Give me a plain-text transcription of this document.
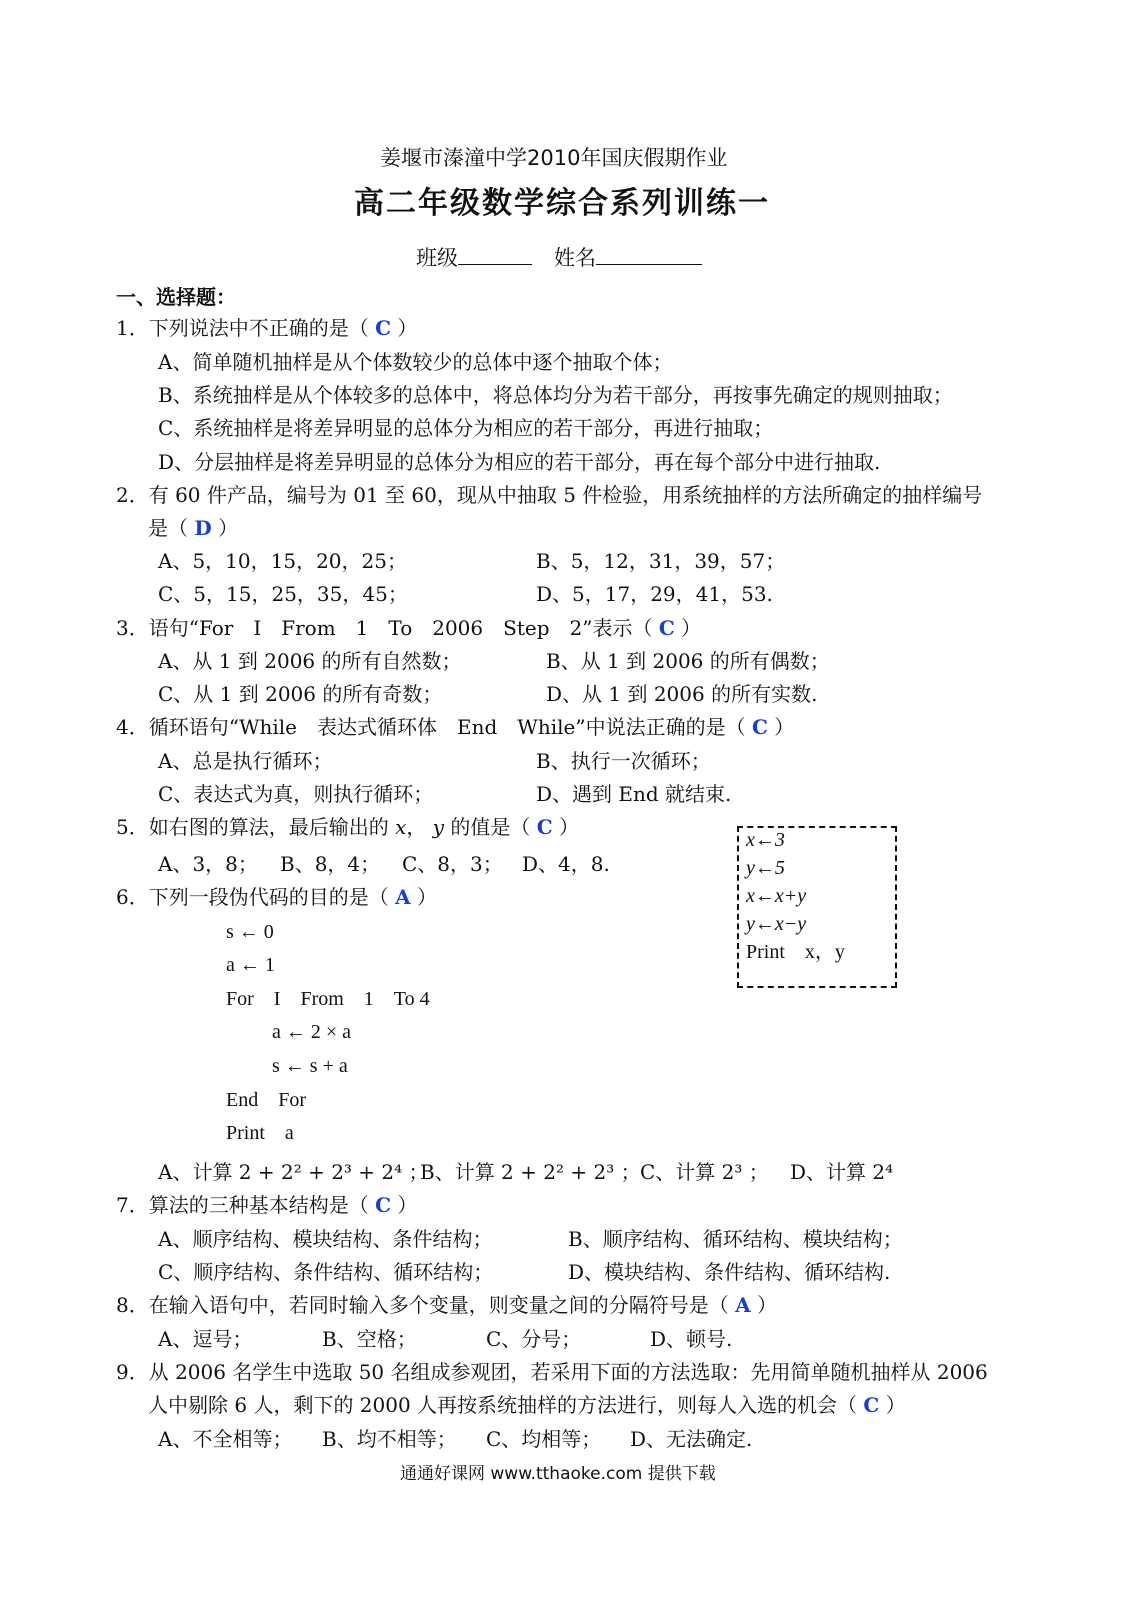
姜堰市溱潼中学2010年国庆假期作业
高二年级数学综合系列训练一
班级	姓名
一、选择题：
1．下列说法中不正确的是（ C ）
A、简单随机抽样是从个体数较少的总体中逐个抽取个体；
B、系统抽样是从个体较多的总体中，将总体均分为若干部分，再按事先确定的规则抽取；
C、系统抽样是将差异明显的总体分为相应的若干部分，再进行抽取；
D、分层抽样是将差异明显的总体分为相应的若干部分，再在每个部分中进行抽取.
2．有 60 件产品，编号为 01 至 60，现从中抽取 5 件检验，用系统抽样的方法所确定的抽样编号
是（ D ）
A、5，10，15，20，25；	B、5，12，31，39，57；
C、5，15，25，35，45；	D、5，17，29，41，53.
3．语句“For　I　From　1　To　2006　Step　2”表示（ C ）
A、从 1 到 2006 的所有自然数；	B、从 1 到 2006 的所有偶数；
C、从 1 到 2006 的所有奇数；	D、从 1 到 2006 的所有实数.
4．循环语句“While　表达式循环体　End　While”中说法正确的是（ C ）
A、总是执行循环；	B、执行一次循环；
C、表达式为真，则执行循环；	D、遇到 End 就结束.
5．如右图的算法，最后输出的 x， y 的值是（ C ）
A、3，8； B、8，4； C、8，3； D、4，8.
x←3
y←5
x←x+y
y←x−y
Print　x，y
6．下列一段伪代码的目的是（ A ）
s ← 0
a ← 1
For　I　From　1　To 4
a ← 2 × a
s ← s + a
End　For
Print　a
A、计算 2 + 2² + 2³ + 2⁴ ；
B、计算 2 + 2² + 2³ ； C、计算 2³ ； D、计算 2⁴
7．算法的三种基本结构是（ C ）
A、顺序结构、模块结构、条件结构；	B、顺序结构、循环结构、模块结构；
C、顺序结构、条件结构、循环结构；	D、模块结构、条件结构、循环结构.
8．在输入语句中，若同时输入多个变量，则变量之间的分隔符号是（ A ）
A、逗号；	B、空格；	C、分号；	D、顿号.
9．从 2006 名学生中选取 50 名组成参观团，若采用下面的方法选取：先用简单随机抽样从 2006
人中剔除 6 人，剩下的 2000 人再按系统抽样的方法进行，则每人入选的机会（ C ）
A、不全相等； B、均不相等； C、均相等； D、无法确定.
通通好课网 www.tthaoke.com 提供下载
